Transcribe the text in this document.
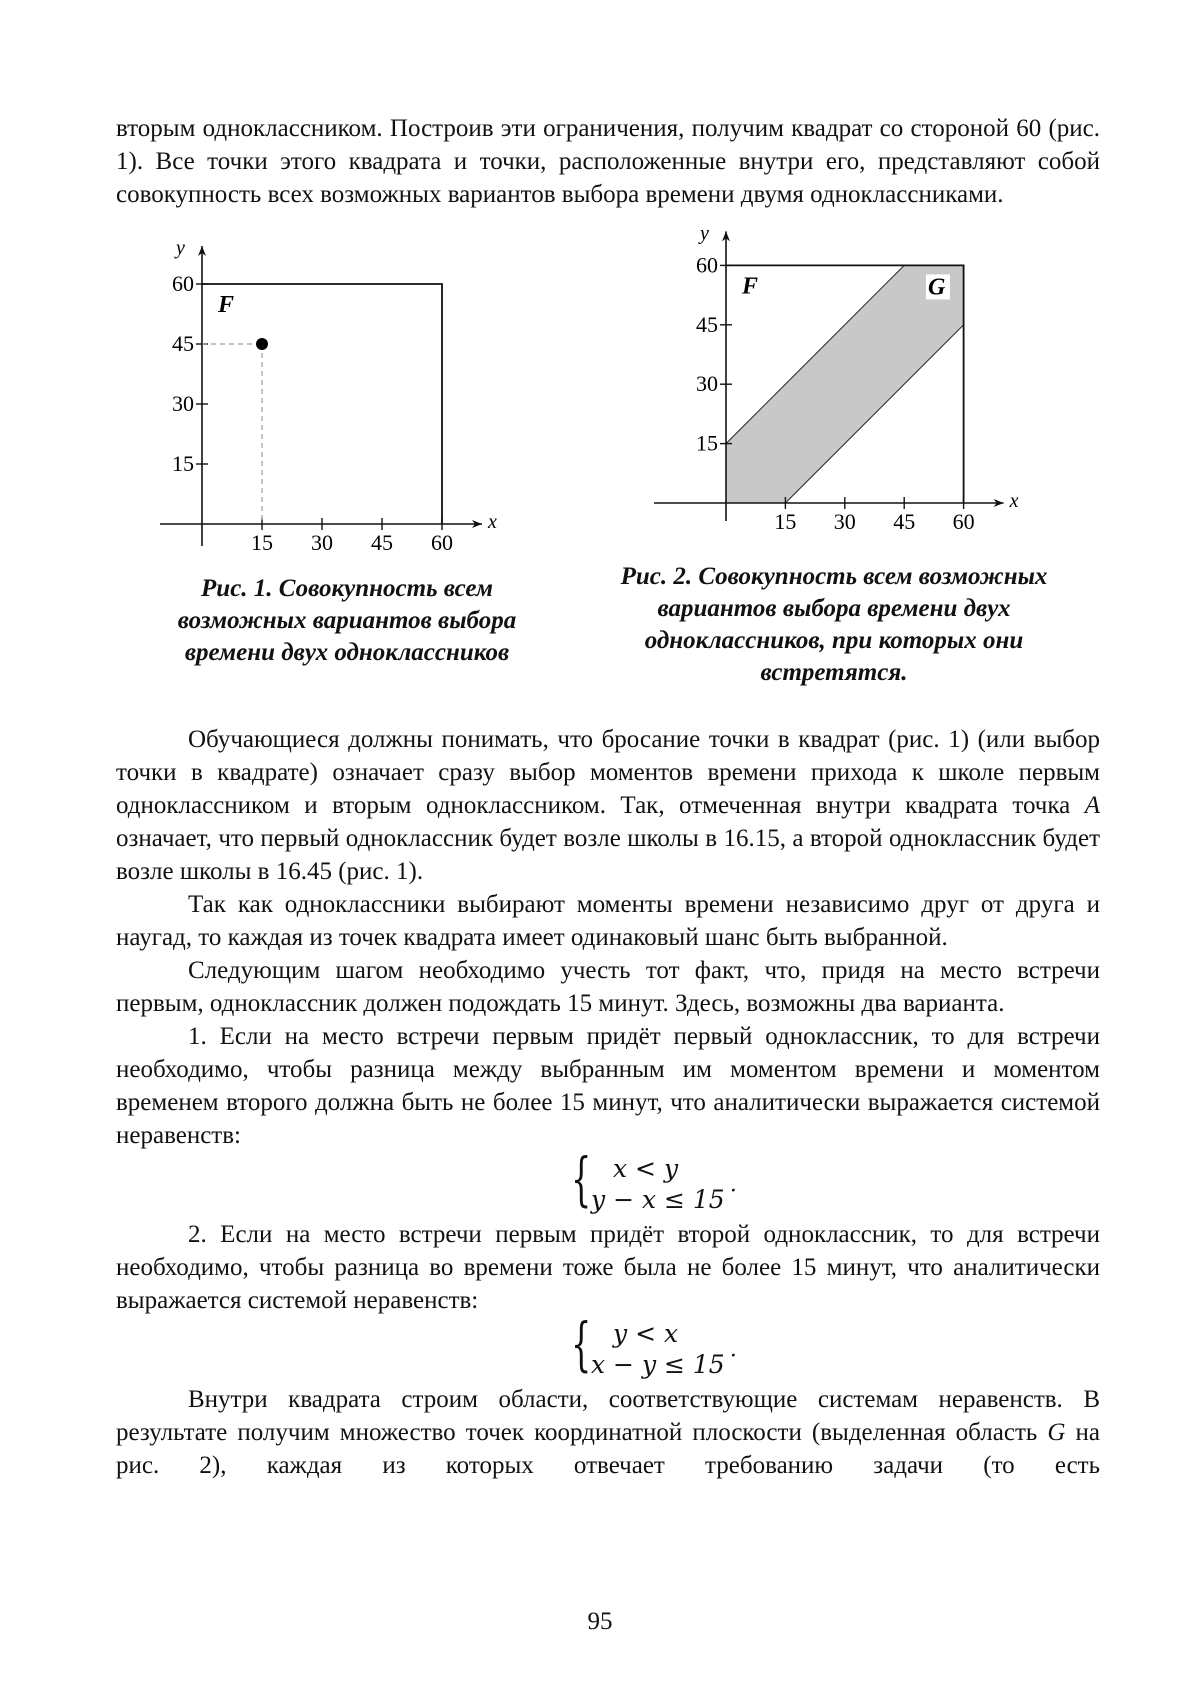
вторым одноклассником. Построив эти ограничения, получим квадрат со стороной 60 (рис. 1). Все точки этого квадрата и точки, расположенные внутри его, представляют собой совокупность всех возможных вариантов выбора времени двумя одноклассниками.

x
y
15 30 45 60
15
30
45
60
F
Рис. 1. Совокупность всем возможных вариантов выбора времени двух одноклассников
x
y
15 30 45 60
15
30
45
60
F	G
Рис. 2. Совокупность всем возможных вариантов выбора времени двух одноклассников, при которых они встретятся.

Обучающиеся должны понимать, что бросание точки в квадрат (рис. 1) (или выбор точки в квадрате) означает сразу выбор моментов времени прихода к школе первым одноклассником и вторым одноклассником. Так, отмеченная внутри квадрата точка A означает, что первый одноклассник будет возле школы в 16.15, а второй одноклассник будет возле школы в 16.45 (рис. 1).

Так как одноклассники выбирают моменты времени независимо друг от друга и наугад, то каждая из точек квадрата имеет одинаковый шанс быть выбранной.

Следующим шагом необходимо учесть тот факт, что, придя на место встречи первым, одноклассник должен подождать 15 минут. Здесь, возможны два варианта.

1. Если на место встречи первым придёт первый одноклассник, то для встречи необходимо, чтобы разница между выбранным им моментом времени и моментом временем второго должна быть не более 15 минут, что аналитически выражается системой неравенств:

{ x < y
y − x ≤ 15˙

2. Если на место встречи первым придёт второй одноклассник, то для встречи необходимо, чтобы разница во времени тоже была не более 15 минут, что аналитически выражается системой неравенств:

{ y < x
x − y ≤ 15˙

Внутри квадрата строим области, соответствующие системам неравенств. В результате получим множество точек координатной плоскости (выделенная область G на рис. 2), каждая из которых отвечает требованию задачи (то есть

95
